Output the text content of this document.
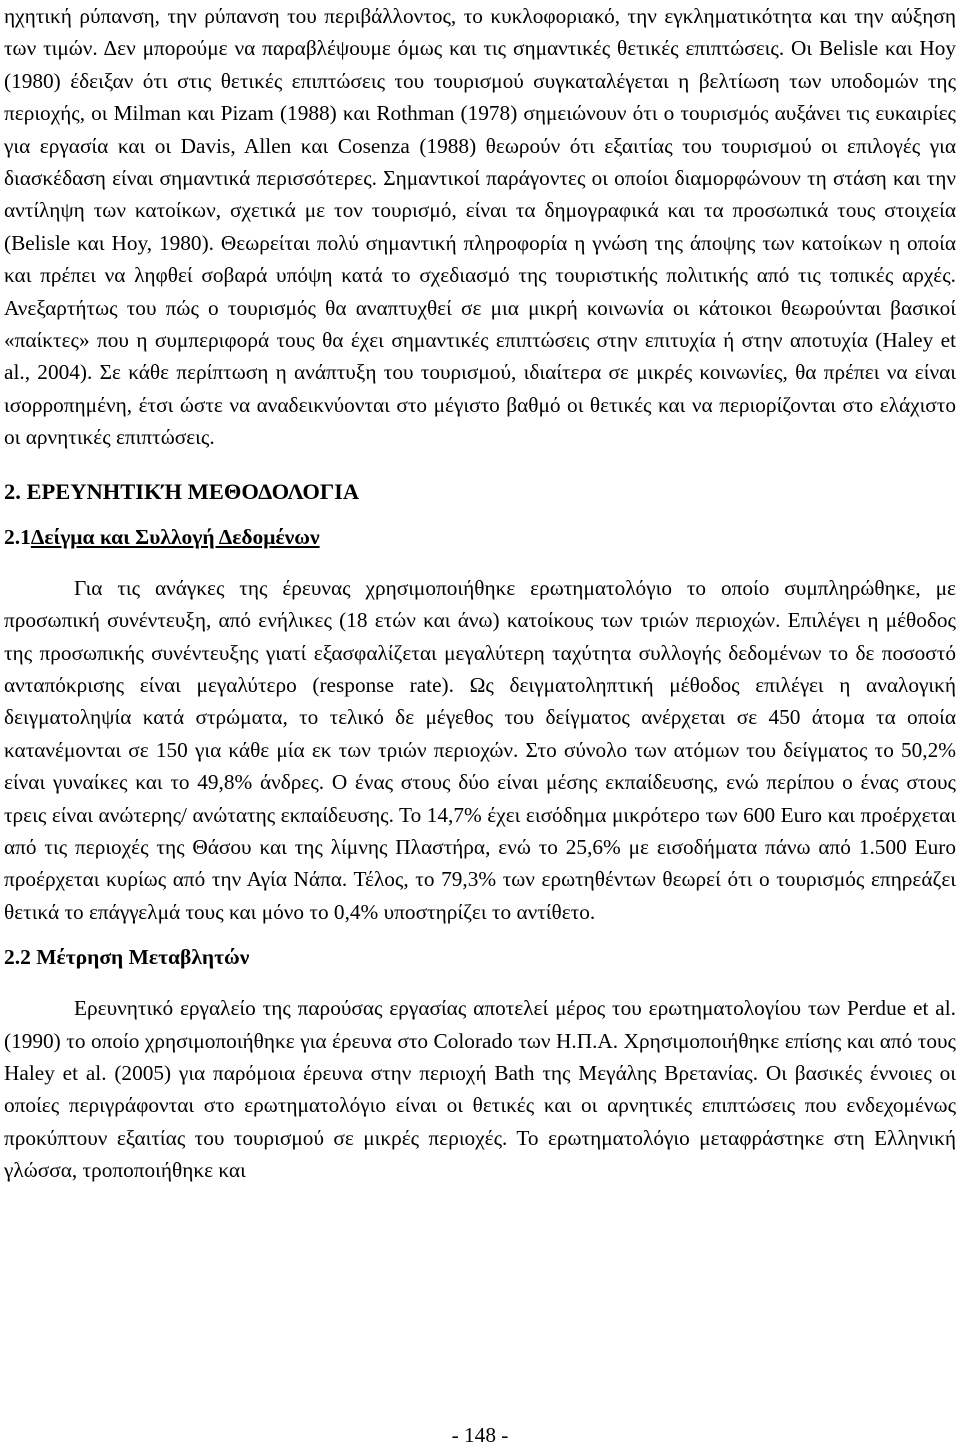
ηχητική ρύπανση, την ρύπανση του περιβάλλοντος, το κυκλοφοριακό, την εγκληματικότητα και την αύξηση των τιμών. Δεν μπορούμε να παραβλέψουμε όμως και τις σημαντικές θετικές επιπτώσεις. Οι Belisle και Hoy (1980) έδειξαν ότι στις θετικές επιπτώσεις του τουρισμού συγκαταλέγεται η βελτίωση των υποδομών της περιοχής, οι Milman και Pizam (1988) και Rothman (1978) σημειώνουν ότι ο τουρισμός αυξάνει τις ευκαιρίες για εργασία και οι Davis, Allen και Cosenza (1988) θεωρούν ότι εξαιτίας του τουρισμού οι επιλογές για διασκέδαση είναι σημαντικά περισσότερες. Σημαντικοί παράγοντες οι οποίοι διαμορφώνουν τη στάση και την αντίληψη των κατοίκων, σχετικά με τον τουρισμό, είναι τα δημογραφικά και τα προσωπικά τους στοιχεία (Belisle και Hoy, 1980). Θεωρείται πολύ σημαντική πληροφορία η γνώση της άποψης των κατοίκων η οποία και πρέπει να ληφθεί σοβαρά υπόψη κατά το σχεδιασμό της τουριστικής πολιτικής από τις τοπικές αρχές. Ανεξαρτήτως του πώς ο τουρισμός θα αναπτυχθεί σε μια μικρή κοινωνία οι κάτοικοι θεωρούνται βασικοί «παίκτες» που η συμπεριφορά τους θα έχει σημαντικές επιπτώσεις στην επιτυχία ή στην αποτυχία (Haley et al., 2004). Σε κάθε περίπτωση η ανάπτυξη του τουρισμού, ιδιαίτερα σε μικρές κοινωνίες, θα πρέπει να είναι ισορροπημένη, έτσι ώστε να αναδεικνύονται στο μέγιστο βαθμό οι θετικές και να περιορίζονται στο ελάχιστο οι αρνητικές επιπτώσεις.

2. ΕΡΕΥΝΗΤΙΚΉ ΜΕΘΟΔΟΛΟΓΙΑ
2.1Δείγμα και Συλλογή Δεδομένων

Για τις ανάγκες της έρευνας χρησιμοποιήθηκε ερωτηματολόγιο το οποίο συμπληρώθηκε, με προσωπική συνέντευξη, από ενήλικες (18 ετών και άνω) κατοίκους των τριών περιοχών. Επιλέγει η μέθοδος της προσωπικής συνέντευξης γιατί εξασφαλίζεται μεγαλύτερη ταχύτητα συλλογής δεδομένων το δε ποσοστό ανταπόκρισης είναι μεγαλύτερο (response rate). Ως δειγματοληπτική μέθοδος επιλέγει η αναλογική δειγματοληψία κατά στρώματα, το τελικό δε μέγεθος του δείγματος ανέρχεται σε 450 άτομα τα οποία κατανέμονται σε 150 για κάθε μία εκ των τριών περιοχών. Στο σύνολο των ατόμων του δείγματος το 50,2% είναι γυναίκες και το 49,8% άνδρες. Ο ένας στους δύο είναι μέσης εκπαίδευσης, ενώ περίπου ο ένας στους τρεις είναι ανώτερης/ ανώτατης εκπαίδευσης. Το 14,7% έχει εισόδημα μικρότερο των 600 Euro και προέρχεται από τις περιοχές της Θάσου και της λίμνης Πλαστήρα, ενώ το 25,6% με εισοδήματα πάνω από 1.500 Euro προέρχεται κυρίως από την Αγία Νάπα. Τέλος, το 79,3% των ερωτηθέντων θεωρεί ότι ο τουρισμός επηρεάζει θετικά το επάγγελμά τους και μόνο το 0,4% υποστηρίζει το αντίθετο.

2.2 Μέτρηση Μεταβλητών

Ερευνητικό εργαλείο της παρούσας εργασίας αποτελεί μέρος του ερωτηματολογίου των Perdue et al. (1990) το οποίο χρησιμοποιήθηκε για έρευνα στο Colorado των Η.Π.Α. Χρησιμοποιήθηκε επίσης και από τους Haley et al. (2005) για παρόμοια έρευνα στην περιοχή Bath της Μεγάλης Βρετανίας. Οι βασικές έννοιες οι οποίες περιγράφονται στο ερωτηματολόγιο είναι οι θετικές και οι αρνητικές επιπτώσεις που ενδεχομένως προκύπτουν εξαιτίας του τουρισμού σε μικρές περιοχές. Το ερωτηματολόγιο μεταφράστηκε στη Ελληνική γλώσσα, τροποποιήθηκε και

- 148 -
